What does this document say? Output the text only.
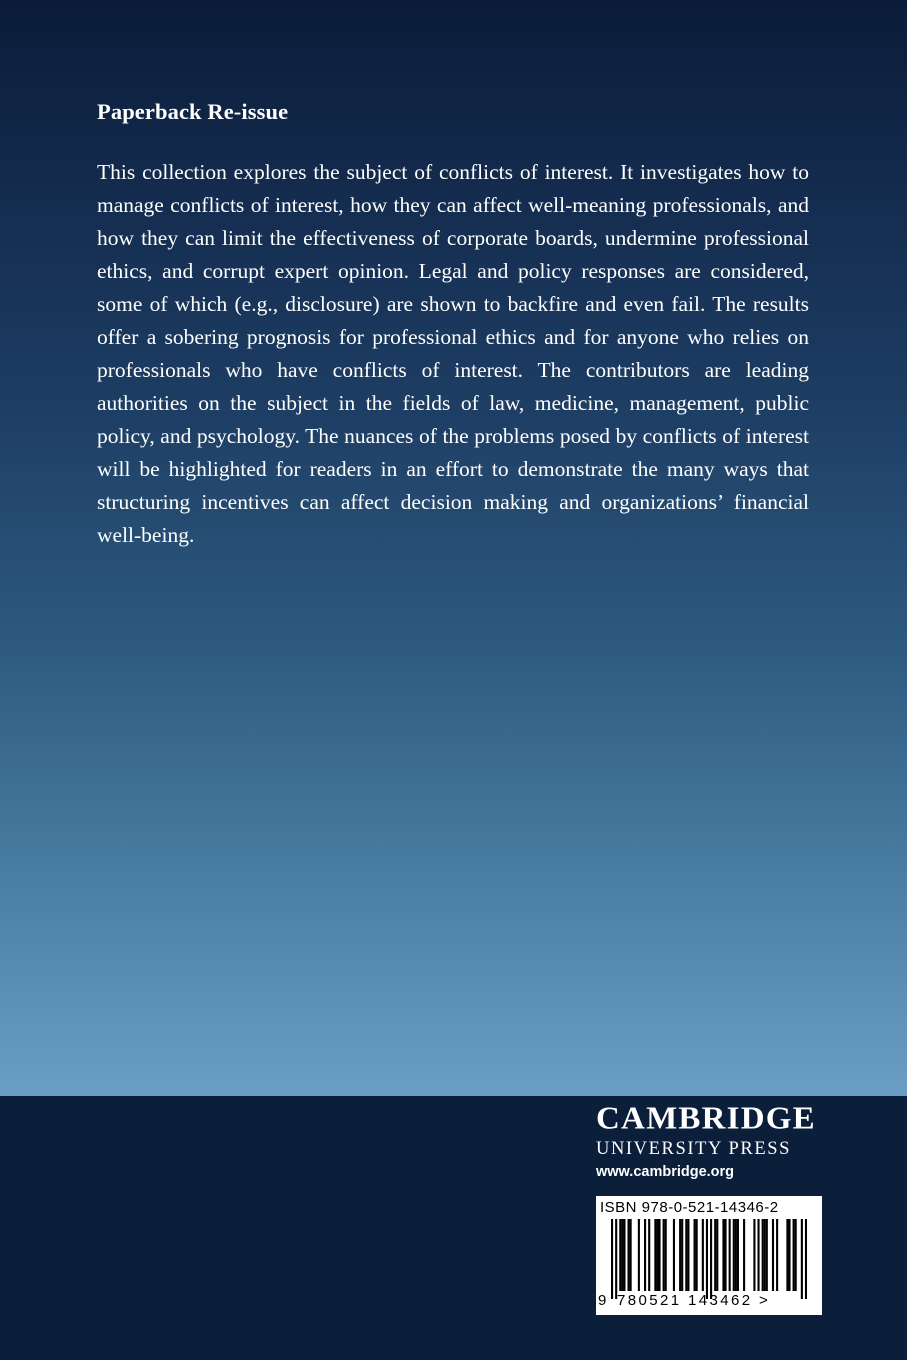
Paperback Re-issue

This collection explores the subject of conflicts of interest. It investigates how to manage conflicts of interest, how they can affect well-meaning professionals, and how they can limit the effectiveness of corporate boards, undermine professional ethics, and corrupt expert opinion. Legal and policy responses are considered, some of which (e.g., disclosure) are shown to backfire and even fail. The results offer a sobering prognosis for professional ethics and for anyone who relies on professionals who have conflicts of interest. The contributors are leading authorities on the subject in the fields of law, medicine, management, public policy, and psychology. The nuances of the problems posed by conflicts of interest will be highlighted for readers in an effort to demonstrate the many ways that structuring incentives can affect decision making and organizations’ financial well-being.

CAMBRIDGE
UNIVERSITY PRESS
www.cambridge.org
ISBN 978-0-521-14346-2
9 780521 143462 >
